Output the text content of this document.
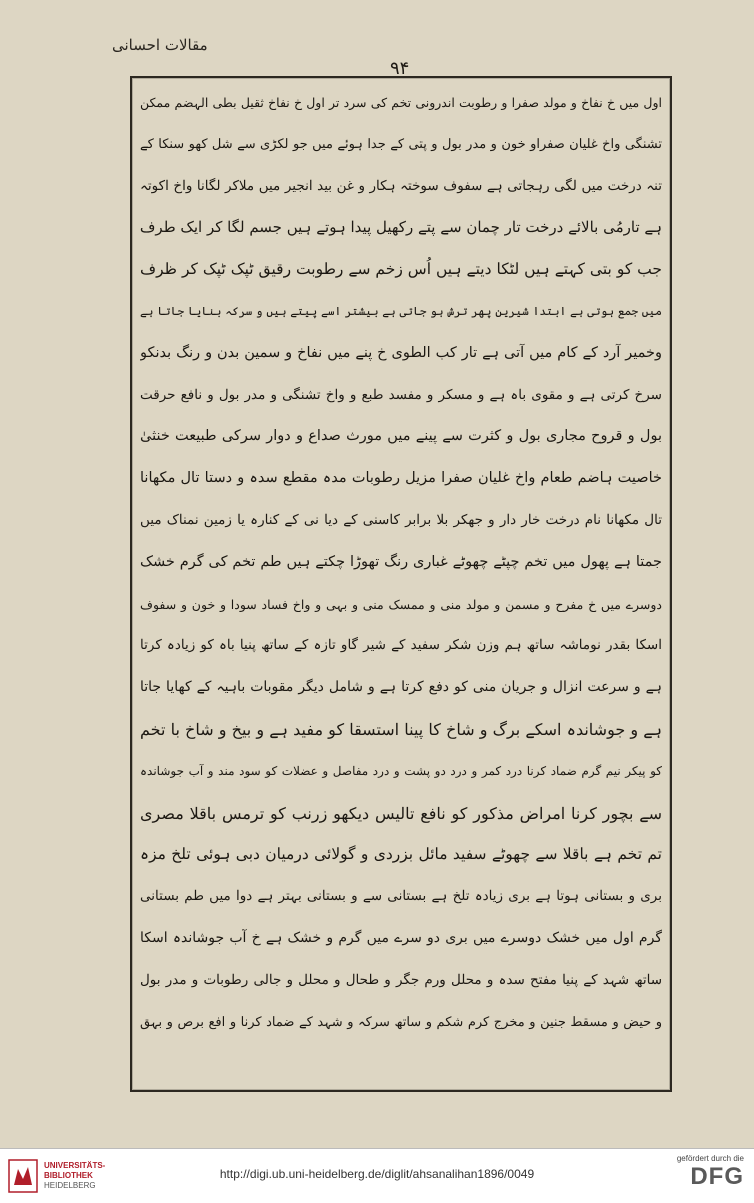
مقالات احسانی
۹۴
اول میں خ نفاخ و مولد صفرا و رطوبت اندرونی تخم کی سرد تر اول خ نفاخ ثقیل بطی الہضم ممکن
تشنگی واخ غلیان صفراو خون و مدر بول و پتی کے جدا ہوئے میں جو لکڑی سے شل کھو سنکا کے
تنہ درخت میں لگی رہجاتی ہے سفوف سوختہ ہکار و غن بید انجیر میں ملاکر لگانا واخ اکوتہ
ہے تارمُی بالائے درخت تار چمان سے پتے رکھیل پیدا ہوتے ہیں جسم لگا کر ایک طرف
جب کو بتی کہتے ہیں لٹکا دیتے ہیں اُس زخم سے رطوبت رقیق ٹپک ٹپک کر ظرف
میں جمع ہوتی ہے ابتدا شیرین پھر ترش ہو جاتی ہے بیشتر اسے پیتے ہیں و سرکہ بنایا جاتا ہے
وخمیر آرد کے کام میں آتی ہے تار کب الطوی خ پنے میں نفاخ و سمین بدن و رنگ بدنکو
سرخ کرتی ہے و مقوی باہ ہے و مسکر و مفسد طبع و واخ تشنگی و مدر بول و نافع حرقت
بول و قروح مجاری بول و کثرت سے پینے میں مورث صداع و دوار سرکی طبیعت خنثیٰ
خاصیت ہاضم طعام واخ غلیان صفرا مزیل رطوبات مدہ مقطع سدہ و دستا تال مکھانا
تال مکھانا نام درخت خار دار و جھکر بلا برابر کاسنی کے دیا نی کے کنارہ یا زمین نمناک میں
جمتا ہے پھول میں تخم چپٹے چھوٹے غباری رنگ تھوڑا چکتے ہیں طم تخم کی گرم خشک
دوسرے میں خ مفرح و مسمن و مولد منی و ممسک منی و بہی و واخ فساد سودا و خون و سفوف
اسکا بقدر نوماشہ ساتھ ہم وزن شکر سفید کے شیر گاو تازہ کے ساتھ پنیا باہ کو زیادہ کرتا
ہے و سرعت انزال و جریان منی کو دفع کرتا ہے و شامل دیگر مقوبات باہیہ کے کھایا جاتا
ہے و جوشاندہ اسکے برگ و شاخ کا پینا استسقا کو مفید ہے و بیخ و شاخ با تخم
کو پیکر نیم گرم ضماد کرنا درد کمر و درد دو پشت و درد مفاصل و عضلات کو سود مند و آب جوشاندہ
سے بچور کرنا امراض مذکور کو نافع تالیس دیکھو زرنب کو ترمس باقلا مصری
تم تخم ہے باقلا سے چھوٹے سفید مائل بزردی و گولائی درمیان دبی ہوئی تلخ مزہ
بری و بستانی ہوتا ہے بری زیادہ تلخ ہے بستانی سے و بستانی بہتر ہے دوا میں طم بستانی
گرم اول میں خشک دوسرے میں بری دو سرے میں گرم و خشک ہے خ آب جوشاندہ اسکا
ساتھ شہد کے پنیا مفتح سدہ و محلل ورم جگر و طحال و محلل و جالی رطوبات و مدر بول
و حیض و مسقط جنین و مخرج کرم شکم و ساتھ سرکہ و شہد کے ضماد کرنا و افع برص و بہق
UNIVERSITÄTS-
BIBLIOTHEK
HEIDELBERG
http://digi.ub.uni-heidelberg.de/diglit/ahsanalihan1896/0049
gefördert durch die
DFG
